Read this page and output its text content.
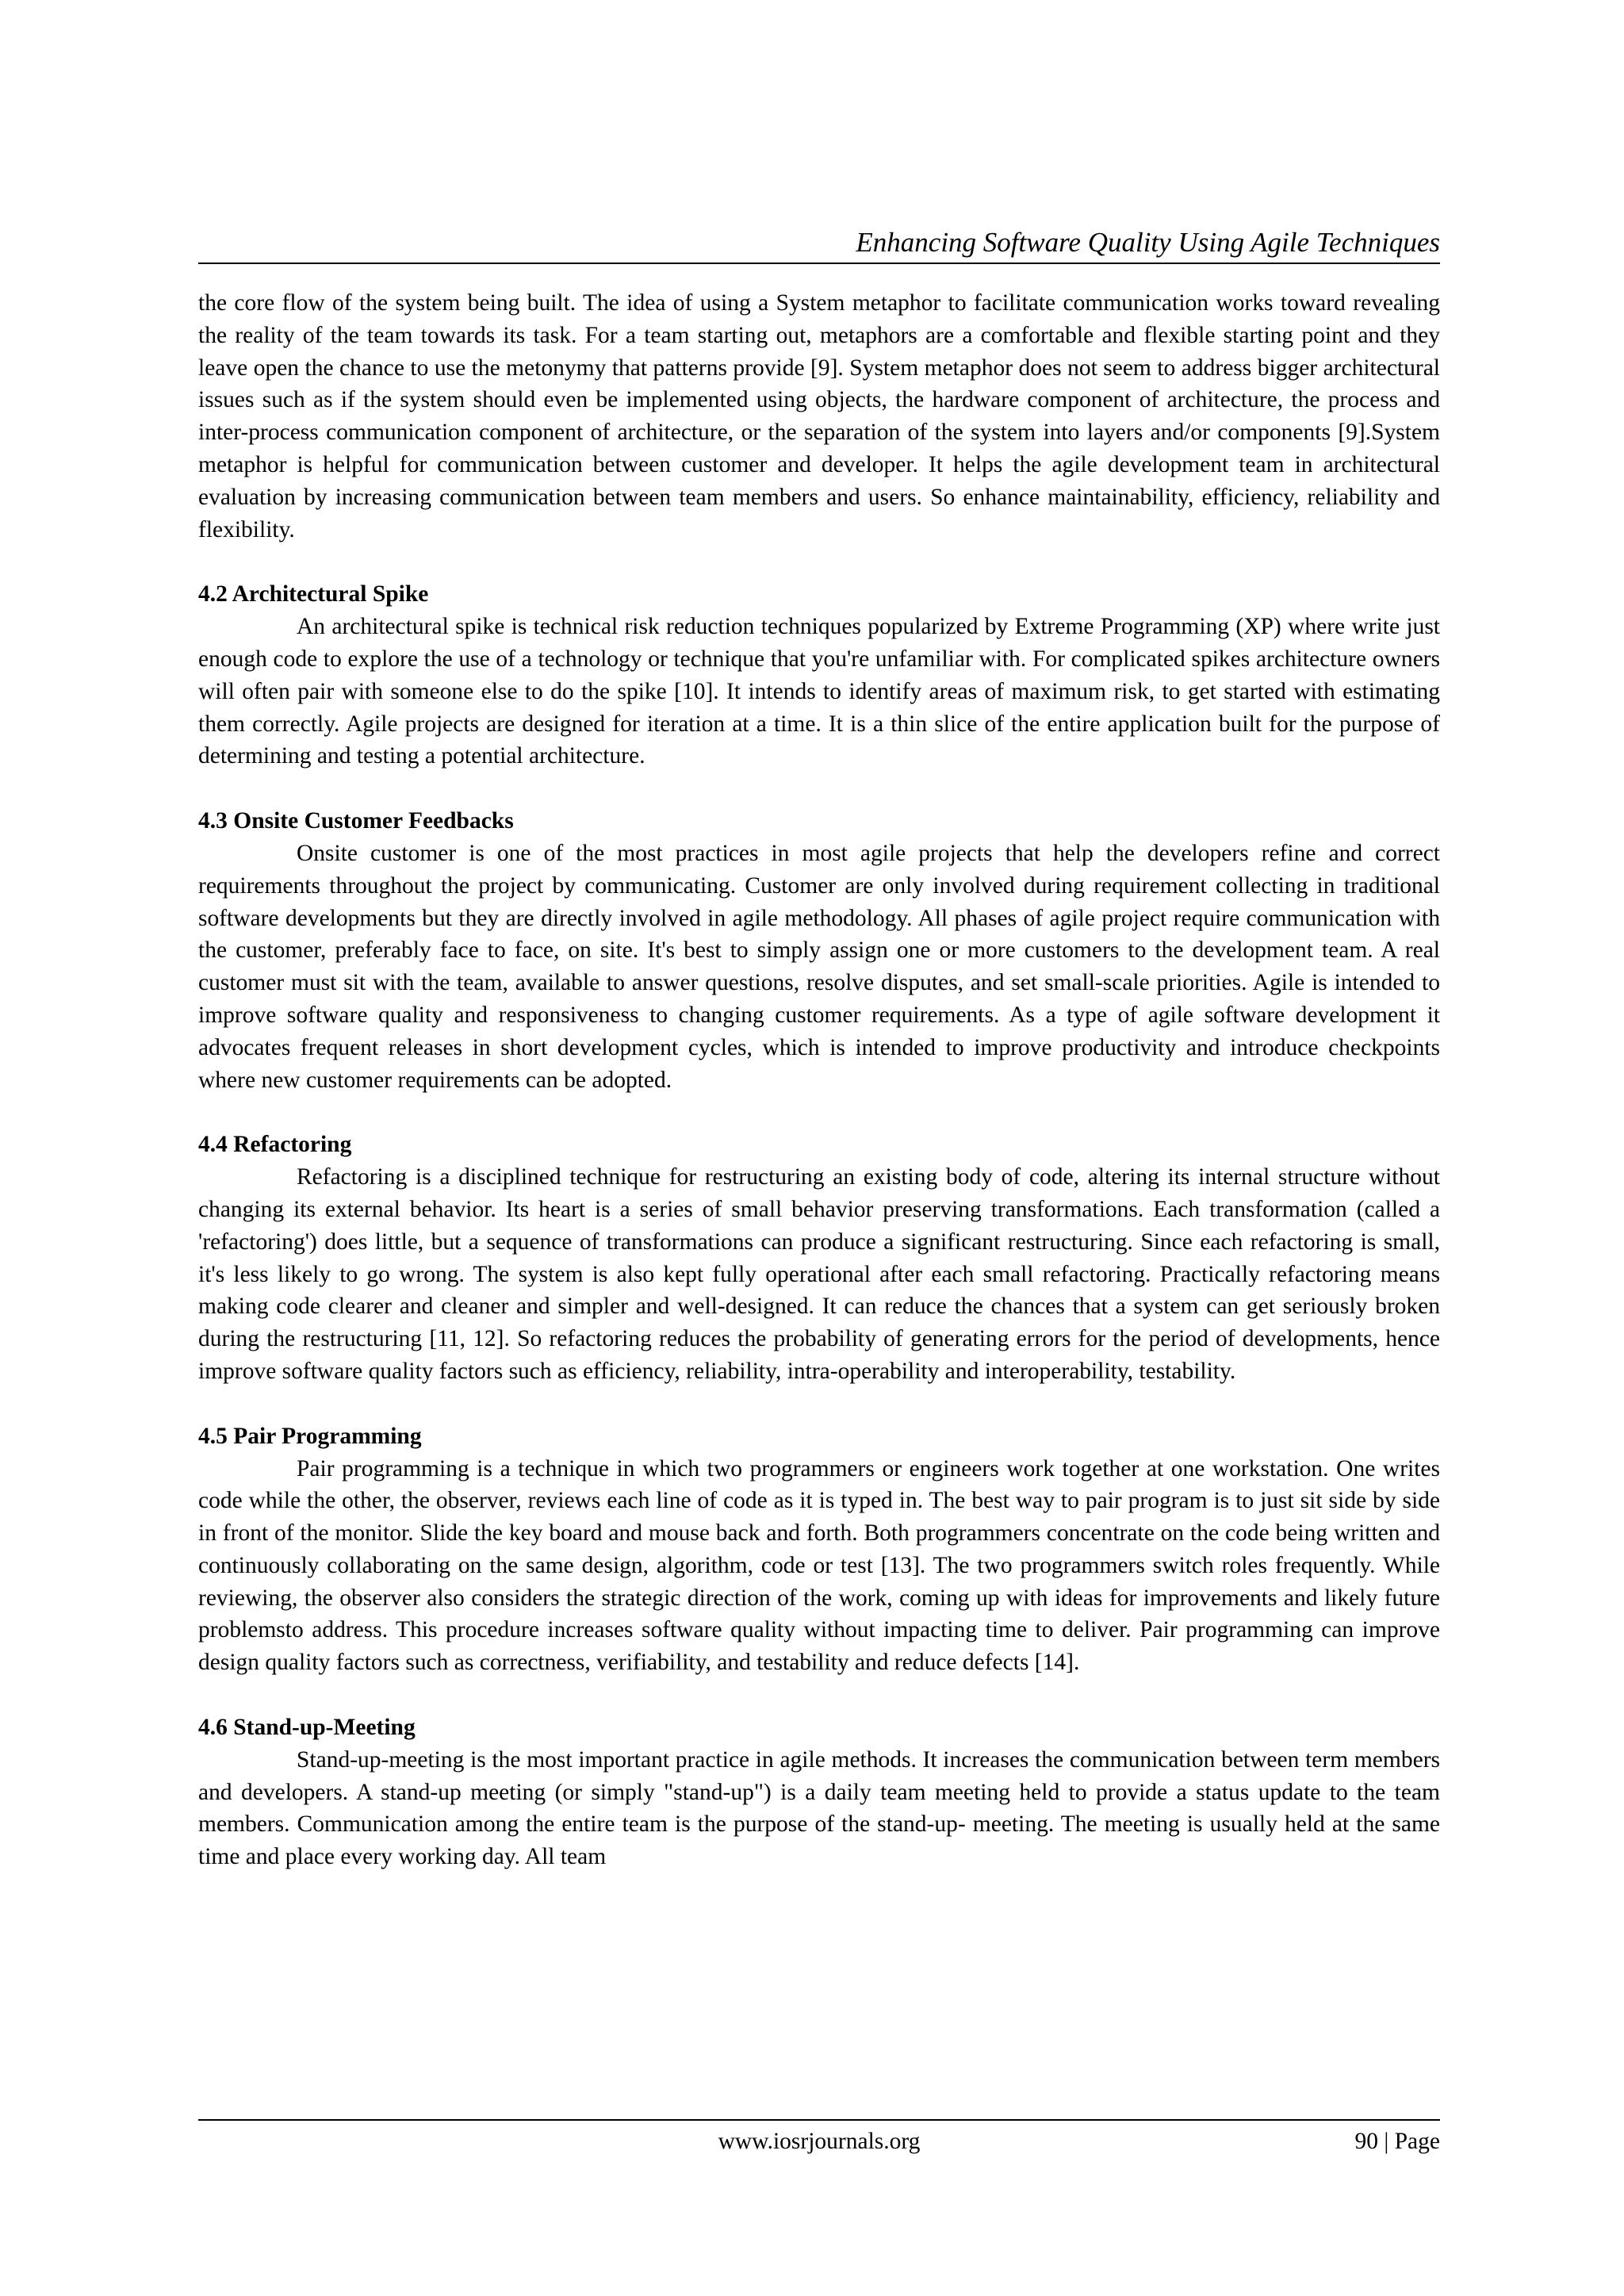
Enhancing Software Quality Using Agile Techniques

the core flow of the system being built. The idea of using a System metaphor to facilitate communication works toward revealing the reality of the team towards its task. For a team starting out, metaphors are a comfortable and flexible starting point and they leave open the chance to use the metonymy that patterns provide [9]. System metaphor does not seem to address bigger architectural issues such as if the system should even be implemented using objects, the hardware component of architecture, the process and inter-process communication component of architecture, or the separation of the system into layers and/or components [9].System metaphor is helpful for communication between customer and developer. It helps the agile development team in architectural evaluation by increasing communication between team members and users. So enhance maintainability, efficiency, reliability and flexibility.

4.2 Architectural Spike

An architectural spike is technical risk reduction techniques popularized by Extreme Programming (XP) where write just enough code to explore the use of a technology or technique that you're unfamiliar with. For complicated spikes architecture owners will often pair with someone else to do the spike [10]. It intends to identify areas of maximum risk, to get started with estimating them correctly. Agile projects are designed for iteration at a time. It is a thin slice of the entire application built for the purpose of determining and testing a potential architecture.

4.3 Onsite Customer Feedbacks

Onsite customer is one of the most practices in most agile projects that help the developers refine and correct requirements throughout the project by communicating. Customer are only involved during requirement collecting in traditional software developments but they are directly involved in agile methodology. All phases of agile project require communication with the customer, preferably face to face, on site. It's best to simply assign one or more customers to the development team. A real customer must sit with the team, available to answer questions, resolve disputes, and set small-scale priorities. Agile is intended to improve software quality and responsiveness to changing customer requirements. As a type of agile software development it advocates frequent releases in short development cycles, which is intended to improve productivity and introduce checkpoints where new customer requirements can be adopted.

4.4 Refactoring

Refactoring is a disciplined technique for restructuring an existing body of code, altering its internal structure without changing its external behavior. Its heart is a series of small behavior preserving transformations. Each transformation (called a 'refactoring') does little, but a sequence of transformations can produce a significant restructuring. Since each refactoring is small, it's less likely to go wrong. The system is also kept fully operational after each small refactoring. Practically refactoring means making code clearer and cleaner and simpler and well-designed. It can reduce the chances that a system can get seriously broken during the restructuring [11, 12]. So refactoring reduces the probability of generating errors for the period of developments, hence improve software quality factors such as efficiency, reliability, intra-operability and interoperability, testability.

4.5 Pair Programming

Pair programming is a technique in which two programmers or engineers work together at one workstation. One writes code while the other, the observer, reviews each line of code as it is typed in. The best way to pair program is to just sit side by side in front of the monitor. Slide the key board and mouse back and forth. Both programmers concentrate on the code being written and continuously collaborating on the same design, algorithm, code or test [13]. The two programmers switch roles frequently. While reviewing, the observer also considers the strategic direction of the work, coming up with ideas for improvements and likely future problemsto address. This procedure increases software quality without impacting time to deliver. Pair programming can improve design quality factors such as correctness, verifiability, and testability and reduce defects [14].

4.6 Stand-up-Meeting

Stand-up-meeting is the most important practice in agile methods. It increases the communication between term members and developers. A stand-up meeting (or simply "stand-up") is a daily team meeting held to provide a status update to the team members. Communication among the entire team is the purpose of the stand-up- meeting. The meeting is usually held at the same time and place every working day. All team

www.iosrjournals.org	90 | Page
